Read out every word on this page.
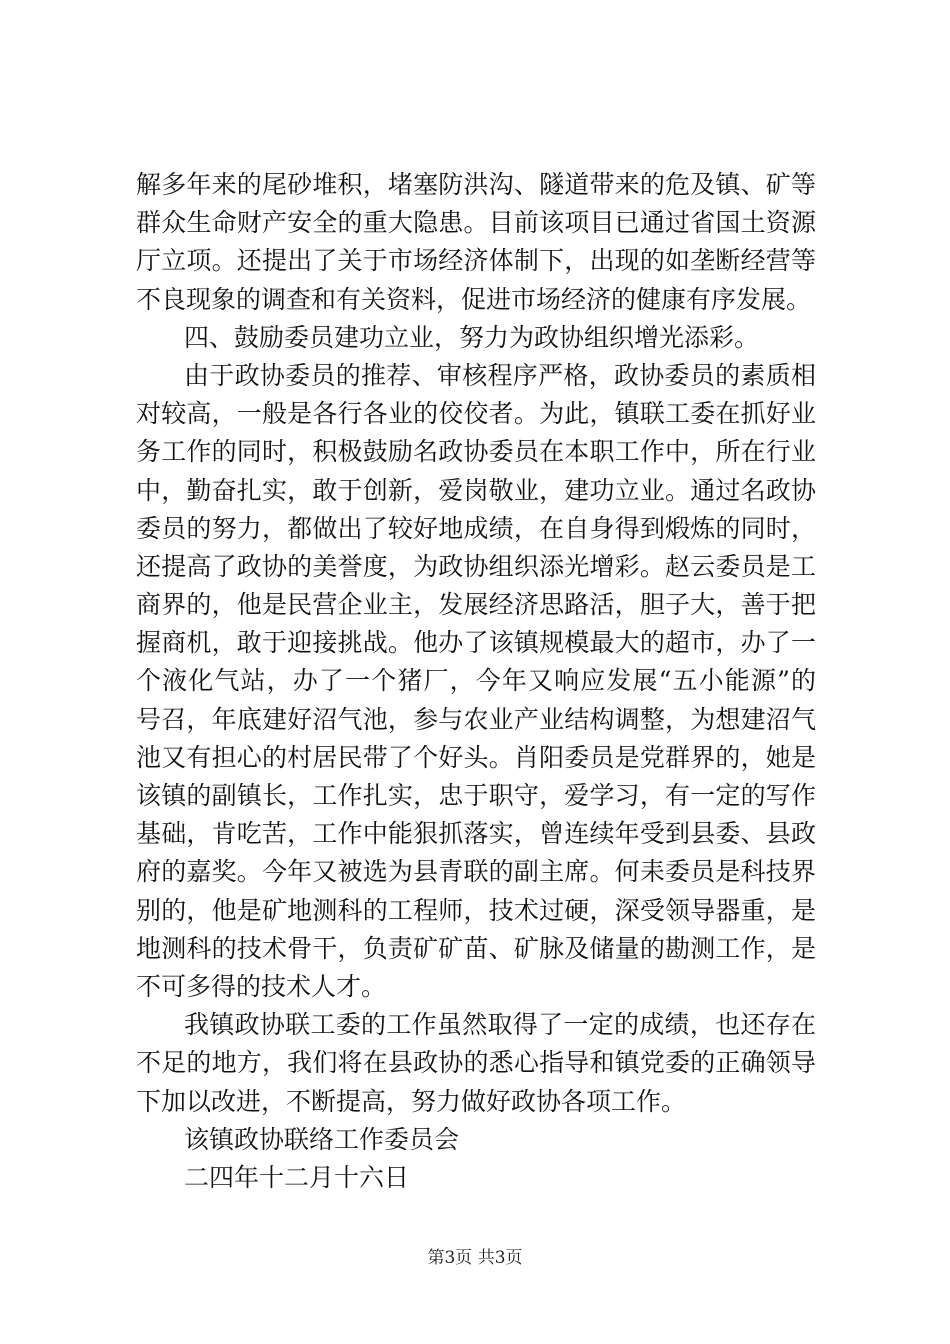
解多年来的尾砂堆积，堵塞防洪沟、隧道带来的危及镇、矿等
群众生命财产安全的重大隐患。目前该项目已通过省国土资源
厅立项。还提出了关于市场经济体制下，出现的如垄断经营等
不良现象的调查和有关资料，促进市场经济的健康有序发展。
四、鼓励委员建功立业，努力为政协组织增光添彩。
由于政协委员的推荐、审核程序严格，政协委员的素质相
对较高，一般是各行各业的佼佼者。为此，镇联工委在抓好业
务工作的同时，积极鼓励名政协委员在本职工作中，所在行业
中，勤奋扎实，敢于创新，爱岗敬业，建功立业。通过名政协
委员的努力，都做出了较好地成绩，在自身得到煅炼的同时，
还提高了政协的美誉度，为政协组织添光增彩。赵云委员是工
商界的，他是民营企业主，发展经济思路活，胆子大，善于把
握商机，敢于迎接挑战。他办了该镇规模最大的超市，办了一
个液化气站，办了一个猪厂，今年又响应发展“五小能源”的
号召，年底建好沼气池，参与农业产业结构调整，为想建沼气
池又有担心的村居民带了个好头。肖阳委员是党群界的，她是
该镇的副镇长，工作扎实，忠于职守，爱学习，有一定的写作
基础，肯吃苦，工作中能狠抓落实，曾连续年受到县委、县政
府的嘉奖。今年又被选为县青联的副主席。何耒委员是科技界
别的，他是矿地测科的工程师，技术过硬，深受领导器重，是
地测科的技术骨干，负责矿矿苗、矿脉及储量的勘测工作，是
不可多得的技术人才。
我镇政协联工委的工作虽然取得了一定的成绩，也还存在
不足的地方，我们将在县政协的悉心指导和镇党委的正确领导
下加以改进，不断提高，努力做好政协各项工作。
该镇政协联络工作委员会
二四年十二月十六日
第3页 共3页
